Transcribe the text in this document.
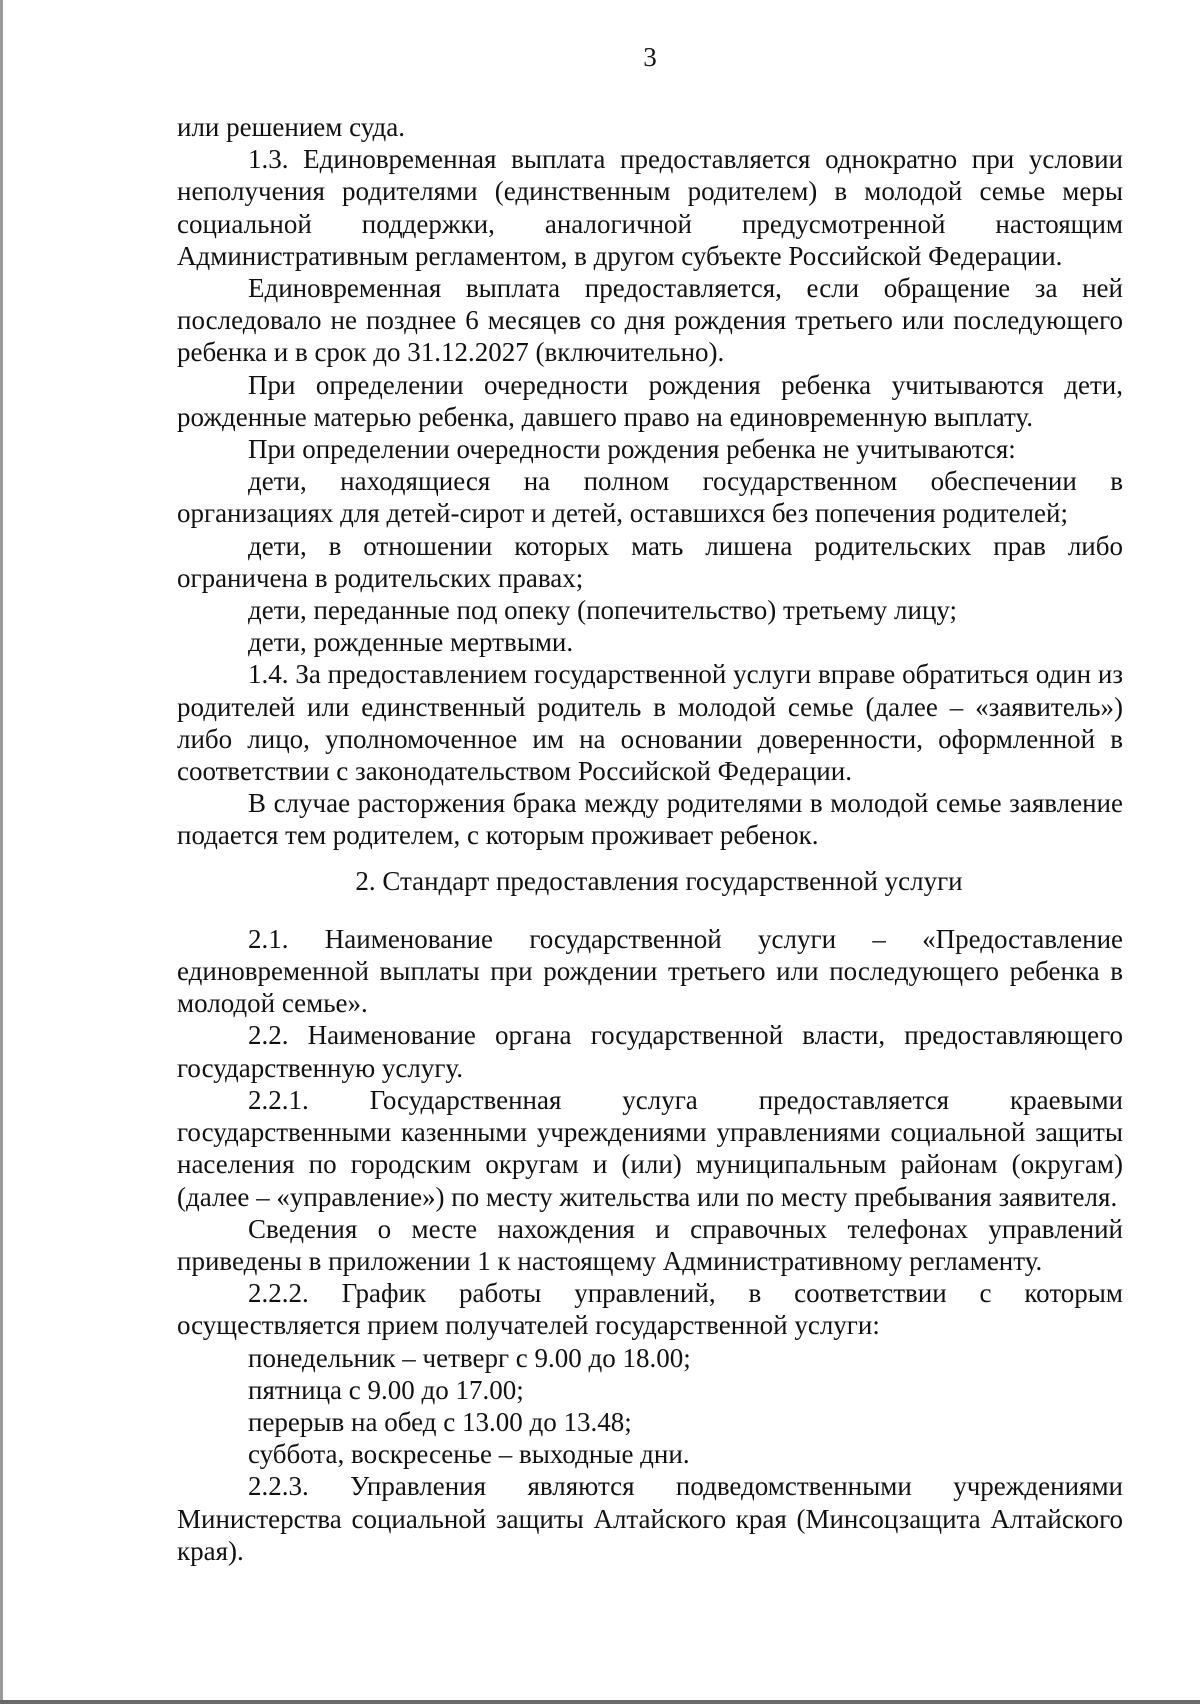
3

или решением суда.

1.3. Единовременная выплата предоставляется однократно при условии неполучения родителями (единственным родителем) в молодой семье меры социальной поддержки, аналогичной предусмотренной настоящим Административным регламентом, в другом субъекте Российской Федерации.

Единовременная выплата предоставляется, если обращение за ней последовало не позднее 6 месяцев со дня рождения третьего или последующего ребенка и в срок до 31.12.2027 (включительно).

При определении очередности рождения ребенка учитываются дети, рожденные матерью ребенка, давшего право на единовременную выплату.

При определении очередности рождения ребенка не учитываются:

дети, находящиеся на полном государственном обеспечении в организациях для детей-сирот и детей, оставшихся без попечения родителей;

дети, в отношении которых мать лишена родительских прав либо ограничена в родительских правах;

дети, переданные под опеку (попечительство) третьему лицу;

дети, рожденные мертвыми.

1.4. За предоставлением государственной услуги вправе обратиться один из родителей или единственный родитель в молодой семье (далее – «заявитель») либо лицо, уполномоченное им на основании доверенности, оформленной в соответствии с законодательством Российской Федерации.

В случае расторжения брака между родителями в молодой семье заявление подается тем родителем, с которым проживает ребенок.

2. Стандарт предоставления государственной услуги

2.1. Наименование государственной услуги – «Предоставление единовременной выплаты при рождении третьего или последующего ребенка в молодой семье».

2.2. Наименование органа государственной власти, предоставляющего государственную услугу.

2.2.1. Государственная услуга предоставляется краевыми государственными казенными учреждениями управлениями социальной защиты населения по городским округам и (или) муниципальным районам (округам) (далее – «управление») по месту жительства или по месту пребывания заявителя.

Сведения о месте нахождения и справочных телефонах управлений приведены в приложении 1 к настоящему Административному регламенту.

2.2.2. График работы управлений, в соответствии с которым осуществляется прием получателей государственной услуги:

понедельник – четверг с 9.00 до 18.00;

пятница с 9.00 до 17.00;

перерыв на обед с 13.00 до 13.48;

суббота, воскресенье – выходные дни.

2.2.3. Управления являются подведомственными учреждениями Министерства социальной защиты Алтайского края (Минсоцзащита Алтайского края).
